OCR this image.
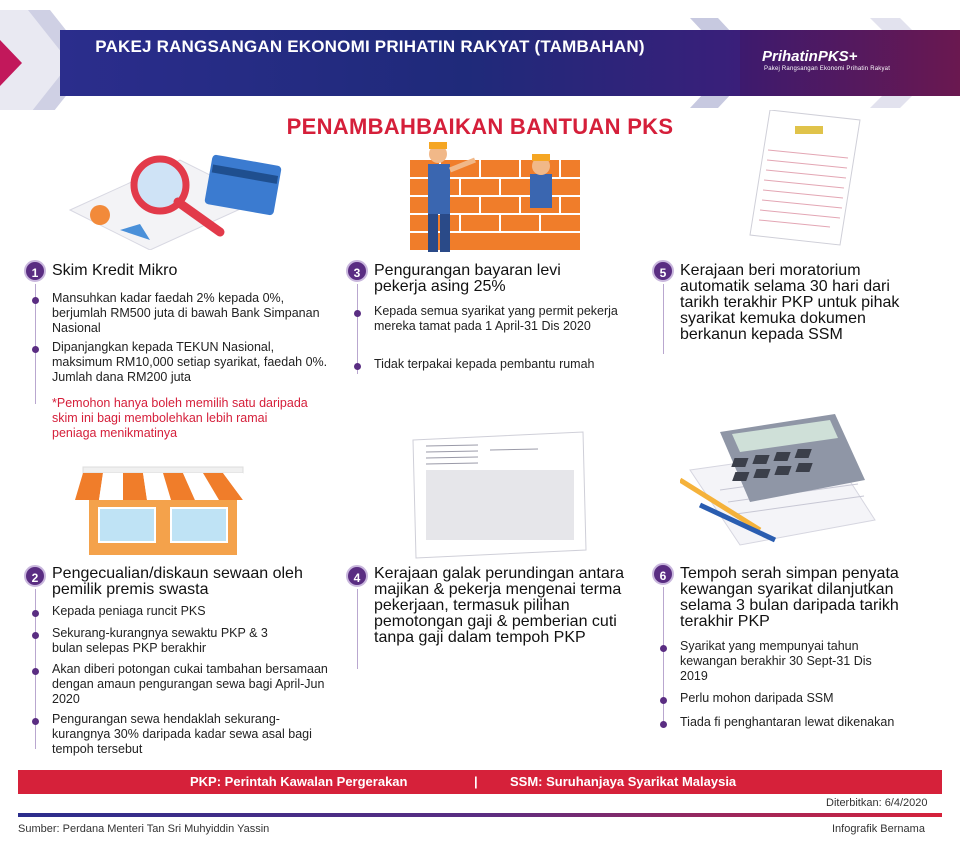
PAKEJ RANGSANGAN EKONOMI PRIHATIN RAKYAT (TAMBAHAN)
PrihatinPKS+
Pakej Rangsangan Ekonomi Prihatin Rakyat
PENAMBAHBAIKAN BANTUAN PKS
1 Skim Kredit Mikro
Mansuhkan kadar faedah 2% kepada 0%, berjumlah RM500 juta di bawah Bank Simpanan Nasional
Dipanjangkan kepada TEKUN Nasional, maksimum RM10,000 setiap syarikat, faedah 0%. Jumlah dana RM200 juta
*Pemohon hanya boleh memilih satu daripada skim ini bagi membolehkan lebih ramai peniaga menikmatinya
3 Pengurangan bayaran levi pekerja asing 25%
Kepada semua syarikat yang permit pekerja mereka tamat pada 1 April-31 Dis 2020
Tidak terpakai kepada pembantu rumah
5 Kerajaan beri moratorium automatik selama 30 hari dari tarikh terakhir PKP untuk pihak syarikat kemuka dokumen berkanun kepada SSM
2 Pengecualian/diskaun sewaan oleh pemilik premis swasta
Kepada peniaga runcit PKS
Sekurang-kurangnya sewaktu PKP & 3 bulan selepas PKP berakhir
Akan diberi potongan cukai tambahan bersamaan dengan amaun pengurangan sewa bagi April-Jun 2020
Pengurangan sewa hendaklah sekurang-kurangnya 30% daripada kadar sewa asal bagi tempoh tersebut
4 Kerajaan galak perundingan antara majikan & pekerja mengenai terma pekerjaan, termasuk pilihan pemotongan gaji & pemberian cuti tanpa gaji dalam tempoh PKP
6 Tempoh serah simpan penyata kewangan syarikat dilanjutkan selama 3 bulan daripada tarikh terakhir PKP
Syarikat yang mempunyai tahun kewangan berakhir 30 Sept-31 Dis 2019
Perlu mohon daripada SSM
Tiada fi penghantaran lewat dikenakan
PKP: Perintah Kawalan Pergerakan	| SSM: Suruhanjaya Syarikat Malaysia
Diterbitkan: 6/4/2020
Sumber: Perdana Menteri Tan Sri Muhyiddin Yassin	Infografik Bernama
